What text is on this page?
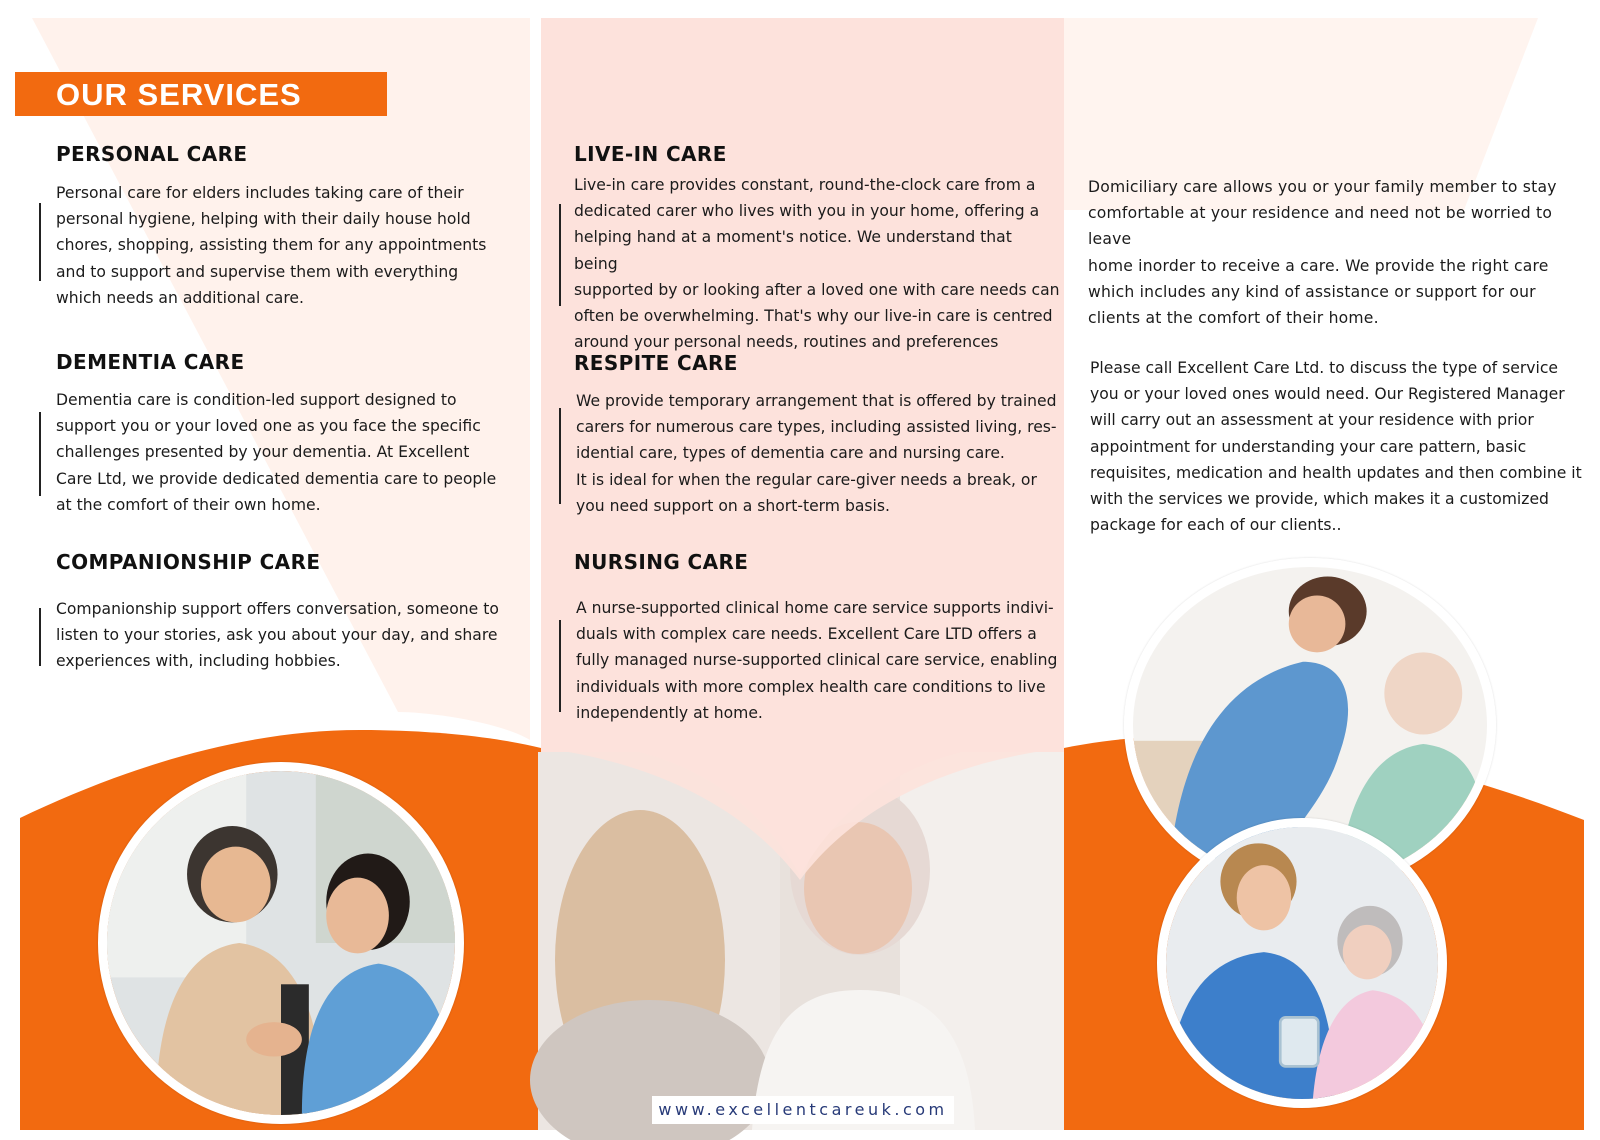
OUR SERVICES
PERSONAL CARE
Personal care for elders includes taking care of their
personal hygiene, helping with their daily house hold
chores, shopping, assisting them for any appointments
and to support and supervise them with everything
which needs an additional care.
DEMENTIA CARE
Dementia care is condition-led support designed to
support you or your loved one as you face the specific
challenges presented by your dementia. At Excellent
Care Ltd, we provide dedicated dementia care to people
at the comfort of their own home.
COMPANIONSHIP CARE
Companionship support offers conversation, someone to
listen to your stories, ask you about your day, and share
experiences with, including hobbies.
LIVE-IN CARE
Live-in care provides constant, round-the-clock care from a
dedicated carer who lives with you in your home, offering a
helping hand at a moment's notice. We understand that being
supported by or looking after a loved one with care needs can
often be overwhelming. That's why our live-in care is centred
around your personal needs, routines and preferences
RESPITE CARE
We provide temporary arrangement that is offered by trained
carers for numerous care types, including assisted living, res-
idential care, types of dementia care and nursing care.
It is ideal for when the regular care-giver needs a break, or
you need support on a short-term basis.
NURSING CARE
A nurse-supported clinical home care service supports indivi-
duals with complex care needs. Excellent Care LTD offers a
fully managed nurse-supported clinical care service, enabling
individuals with more complex health care conditions to live
independently at home.
Domiciliary care allows you or your family member to stay
comfortable at your residence and need not be worried to leave
home inorder to receive a care. We provide the right care
which includes any kind of assistance or support for our
clients at the comfort of their home.
Please call Excellent Care Ltd. to discuss the type of service
you or your loved ones would need. Our Registered Manager
will carry out an assessment at your residence with prior
appointment for understanding your care pattern, basic
requisites, medication and health updates and then combine it
with the services we provide, which makes it a customized
package for each of our clients..
www.excellentcareuk.com
